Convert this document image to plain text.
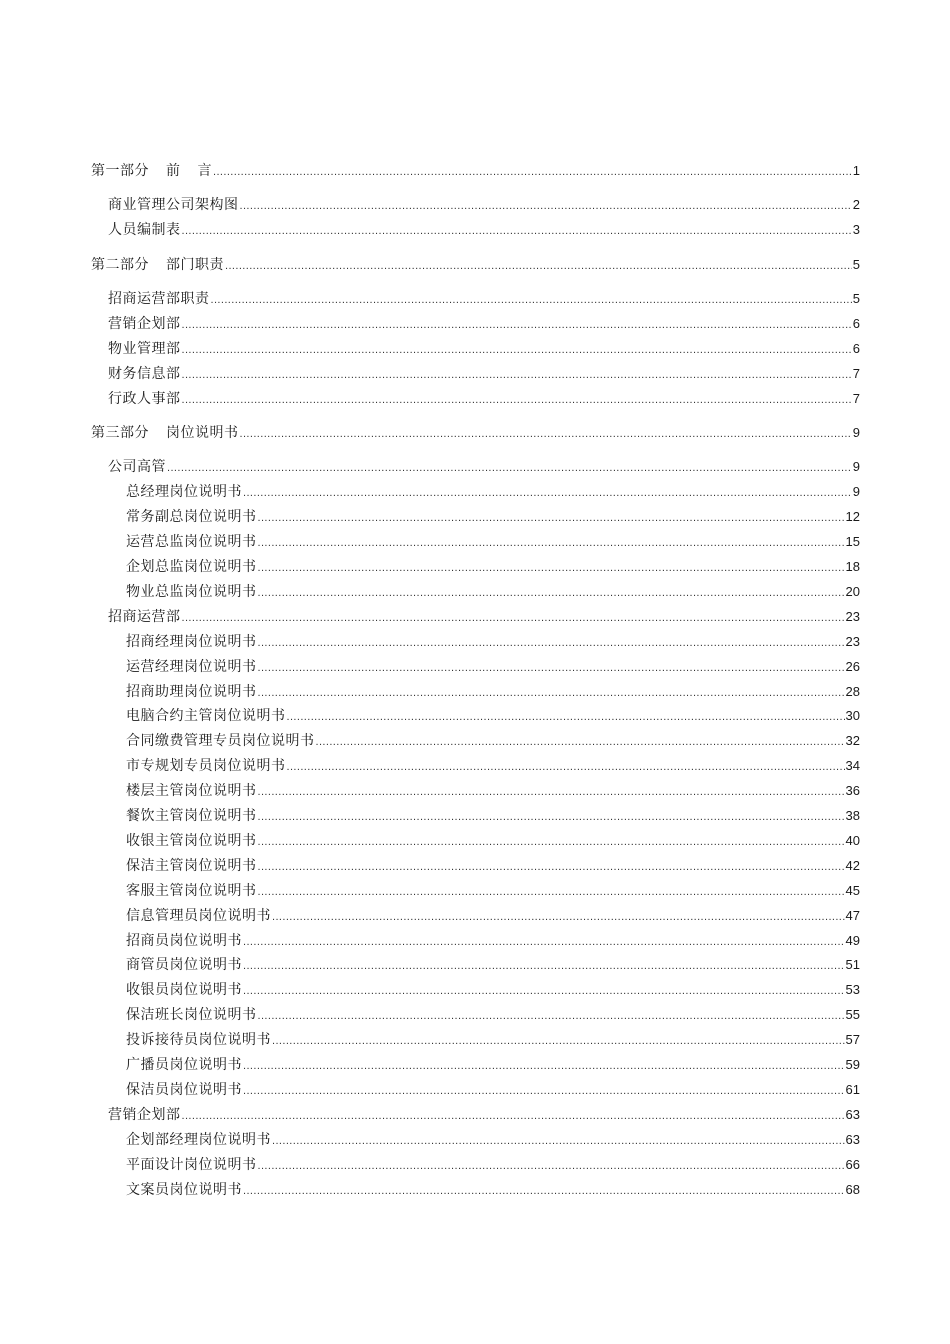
第一部分 前 言 .....	1
商业管理公司架构图 .....	2
人员编制表 .....	3
第二部分 部门职责 .....	5
招商运营部职责 .....	5
营销企划部 .....	6
物业管理部 .....	6
财务信息部 .....	7
行政人事部 .....	7
第三部分 岗位说明书 .....	9
公司高管 .....	9
总经理岗位说明书 .....	9
常务副总岗位说明书 .....	12
运营总监岗位说明书 .....	15
企划总监岗位说明书 .....	18
物业总监岗位说明书 .....	20
招商运营部 .....	23
招商经理岗位说明书 .....	23
运营经理岗位说明书 .....	26
招商助理岗位说明书 .....	28
电脑合约主管岗位说明书 .....	30
合同缴费管理专员岗位说明书 .....	32
市专规划专员岗位说明书 .....	34
楼层主管岗位说明书 .....	36
餐饮主管岗位说明书 .....	38
收银主管岗位说明书 .....	40
保洁主管岗位说明书 .....	42
客服主管岗位说明书 .....	45
信息管理员岗位说明书 .....	47
招商员岗位说明书 .....	49
商管员岗位说明书 .....	51
收银员岗位说明书 .....	53
保洁班长岗位说明书 .....	55
投诉接待员岗位说明书 .....	57
广播员岗位说明书 .....	59
保洁员岗位说明书 .....	61
营销企划部 .....	63
企划部经理岗位说明书 .....	63
平面设计岗位说明书 .....	66
文案员岗位说明书 .....	68
